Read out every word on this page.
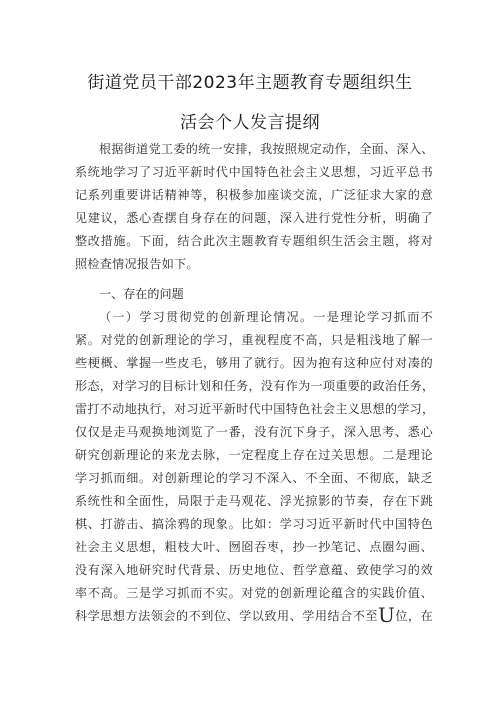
街道党员干部2023年主题教育专题组织生
活会个人发言提纲
根据街道党工委的统一安排，我按照规定动作，全面、深入、
系统地学习了习近平新时代中国特色社会主义思想，习近平总书
记系列重要讲话精神等，积极参加座谈交流，广泛征求大家的意
见建议，悉心查摆自身存在的问题，深入进行党性分析，明确了
整改措施。下面，结合此次主题教育专题组织生活会主题，将对
照检查情况报告如下。
一、存在的问题
（一）学习贯彻党的创新理论情况。一是理论学习抓而不
紧。对党的创新理论的学习，重视程度不高，只是粗浅地了解一
些梗概、掌握一些皮毛，够用了就行。因为抱有这种应付对凑的
形态，对学习的目标计划和任务，没有作为一项重要的政治任务，
雷打不动地执行，对习近平新时代中国特色社会主义思想的学习，
仅仅是走马观换地浏览了一番，没有沉下身子，深入思考、悉心
研究创新理论的来龙去脉，一定程度上存在过关思想。二是理论
学习抓而细。对创新理论的学习不深入、不全面、不彻底，缺乏
系统性和全面性，局限于走马观花、浮光掠影的节奏，存在下跳
棋、打游击、搞涂鸦的现象。比如：学习习近平新时代中国特色
社会主义思想，粗枝大叶、囫囵吞枣，抄一抄笔记、点圈勾画、
没有深入地研究时代背景、历史地位、哲学意蕴、致使学习的效
率不高。三是学习抓而不实。对党的创新理论蕴含的实践价值、
科学思想方法领会的不到位、学以致用、学用结合不至U位，在
